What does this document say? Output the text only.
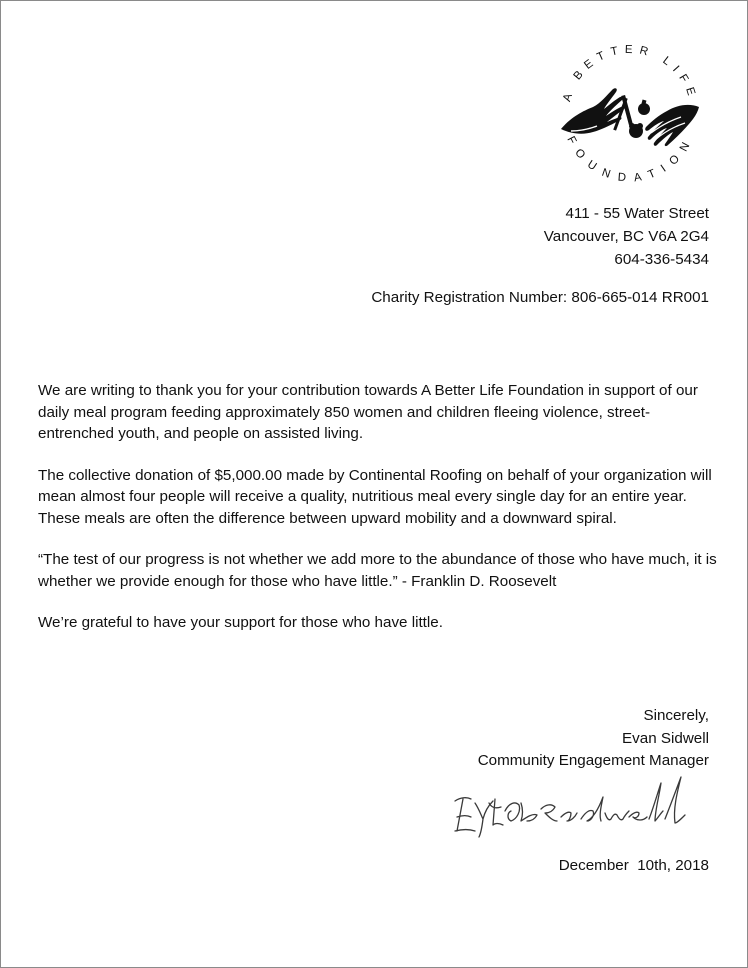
A BETTER LIFE
FOUNDATION
411 - 55 Water Street
Vancouver, BC V6A 2G4
604-336-5434
Charity Registration Number: 806-665-014 RR001

We are writing to thank you for your contribution towards A Better Life Foundation in support of our daily meal program feeding approximately 850 women and children fleeing violence, street-entrenched youth, and people on assisted living.

The collective donation of $5,000.00 made by Continental Roofing on behalf of your organization will mean almost four people will receive a quality, nutritious meal every single day for an entire year. These meals are often the difference between upward mobility and a downward spiral.

“The test of our progress is not whether we add more to the abundance of those who have much, it is whether we provide enough for those who have little.” - Franklin D. Roosevelt

We’re grateful to have your support for those who have little.

Sincerely,
Evan Sidwell
Community Engagement Manager
December  10th, 2018
